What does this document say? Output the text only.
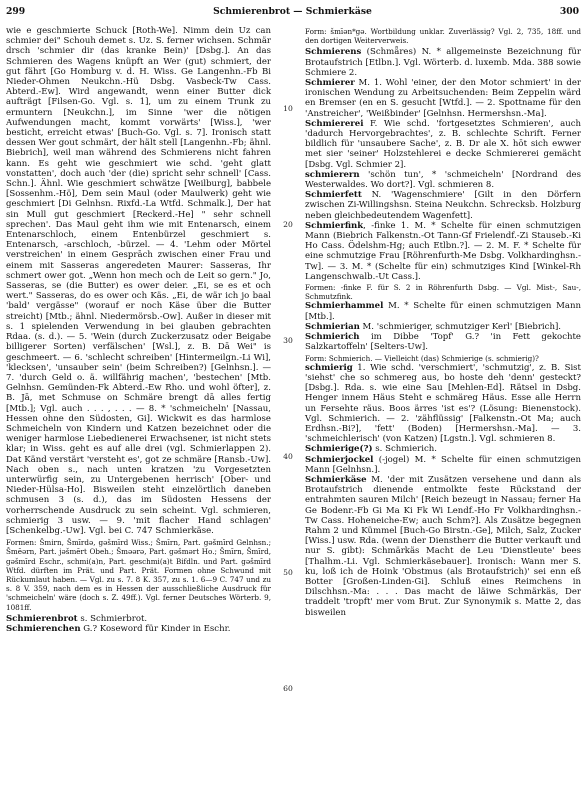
299	Schmierenbrot — Schmierkäse	300

wie e geschmierte Schuck [Roth-We]. Nimm dein Uz can schmier dei" Schouh demet s. Uz. S. ferner wichsen. Schmär drsch 'schmier dir (das kranke Bein)' [Dsbg.]. An das Schmieren des Wagens knüpft an Wer (gut) schmiert, der gut fährt [Go Homburg v. d. H. Wiss. Ge Langenhn.-Fb Bi Nieder-Ohmen Neukchn.-Hü Dsbg. Vasbeck-Tw Cass. Abterd.-Ew]. Wird angewandt, wenn einer Butter dick aufträgt [Filsen-Go. Vgl. s. 1], um zu einem Trunk zu ermuntern [Neukchn.], im Sinne 'wer die nötigen Aufwendungen macht, kommt vorwärts' [Wiss.], 'wer besticht, erreicht etwas' [Buch-Go. Vgl. s. 7]. Ironisch statt dessen Wer gout schmärt, der hält stell [Langenhn.-Fb; ähnl. Biebrich], weil man während des Schmierens nicht fahren kann. Es geht wie geschmiert wie schd. 'geht glatt vonstatten', doch auch 'der (die) spricht sehr schnell' [Cass. Schn.]. Ähnl. Wie geschmiert schwätze [Weilburg], babbele [Sossenhm.-Hö], Dem sein Maul (oder Maulwerk) geht wie geschmiert [Di Gelnhsn. Rixfd.-La Wtfd. Schmalk.], Der hat sin Mull gut geschmiert [Reckerd.-He] " sehr schnell sprechen'. Das Maul geht ihm wie mit Entenarsch, einem Entenarschloch, einem Entenbürzel geschmiert s. Entenarsch, -arschloch, -bürzel. — 4. 'Lehm oder Mörtel verstreichen' in einem Gesprāch zwischen einer Frau und einem mit Sasseras angeredeten Maurer: Sasseras, Ihr schmert ower got. „Wenn hon mech och de Leit so gern." Jo, Sasseras, se (die Butter) es ower deier. „Ei, se es et och wert." Sasseras, do es ower och Käs. „Ei, de wär ich jo baal 'bald' vergässe" (worauf er noch Käse über die Butter streicht) [Mtb.; ähnl. Niedermörsb.-Ow]. Außer in dieser mit s. 1 spielenden Verwendung in bei glauben gebrachten Rdaa. (s. d.). — 5. 'Wein (durch Zuckerzusatz oder Beigabe billigerer Sorten) verfälschen' [Wsl.], z. B. Dā Wei" is geschmeert. — 6. 'schlecht schreiben' [Hintermeilgn.-Li Wi], 'klecksen', 'unsauber sein' (beim Schreiben?) [Gelnhsn.]. — 7. 'durch Geld o. ä. willfährig machen', 'bestechen' [Mtb. Gelnhsn. Gemünden-Fk Abterd.-Ew Rho. und wohl öfter], z. B. Jā, met Schmuse on Schmäre brengt dā alles fertig [Mtb.]; Vgl. auch . . . , . . . — 8. * 'schmeicheln' [Nassau, Hessen ohne den Südosten, Gi]. Wickwit es das harmlose Schmeicheln von Kindern und Katzen bezeichnet oder die weniger harmlose Liebedienerei Erwachsener, ist nicht stets klar; in Wiss. geht es auf alle drei (vgl. Schmierlappen 2). Dat Känd verstärt 'versteht es', got ze schmäre [Ransb.-Uw]. Nach oben s., nach unten kratzen 'zu Vorgesetzten unterwürfig sein, zu Untergebenen herrisch' [Ober- und Nieder-Hülsa-Ho]. Bisweilen steht einzelörtlich daneben schmusen 3 (s. d.), das im Südosten Hessens der vorherrschende Ausdruck zu sein scheint. Vgl. schmieren, schmierig 3 usw. — 9. 'mit flacher Hand schlagen' [Schenkelbg.-Uw]. Vgl. bei C. 747 Schmierkäse.

Formen: Šmirn, Šmīrdə, gəšmīrd Wiss.; Šmīrn, Part. gəšmīrd Gelnhsn.; Šmēǝrn, Part. jəšmērt Obeh.; Šmǝǝrə, Part. gəšmǝrt Ho.; Šmīrn, Šmīrd, gəšmīrd Eschr., schmi(a)n, Part. geschmi(a)t Bifdln. und Part. gəšmīrd Wtfd. dürften im Prät. und Part. Prät. Formen ohne Schwund mit Rückumlaut haben. — Vgl. zu s. 7. 8 K. 357, zu s. 1. 6—9 C. 747 und zu s. 8 V. 359, nach dem es in Hessen der ausschließliche Ausdruck für 'schmeicheln' wäre (doch s. Z. 49ff.). Vgl. ferner Deutsches Wörterb. 9, 1081ff.

Schmierenbrot s. Schmierbrot.

Schmierenchen G.? Koseword für Kinder in Eschr.

10
20
30
40
50
60

Form: šmīǝn*gə. Wortbildung unklar. Zuverlässig? Vgl. 2, 735, 18ff. und den dortigen Weiterverweis.

Schmierens (Schmǟres) N. * allgemeinste Bezeichnung für Brotaufstrich [Etlbn.]. Vgl. Wörterb. d. luxemb. Mda. 388 sowie Schmiere 2.

Schmierer M. 1. Wohl 'einer, der den Motor schmiert' in der ironischen Wendung zu Arbeitsuchenden: Beim Zeppelin wärd en Bremser (en en S. gesucht [Wtfd.]. — 2. Spottname für den 'Anstreicher', 'Weißbinder' [Gelnhsn. Hermershsn.-Ma].

Schmiererei F. Wie schd. 'fortgesetztes Schmieren', auch 'dadurch Hervorgebrachtes', z. B. schlechte Schrift. Ferner bildlich für 'unsaubere Sache', z. B. Dr ale X. hōt sich ewwer met sier 'seiner' Holzstehlerei e decke Schmiererei gemächt [Dsbg. Vgl. Schmier 2].

schmierern 'schön tun', * 'schmeicheln' [Nordrand des Westerwaldes. Wo dort?]. Vgl. schmieren 8.

Schmierfett N. 'Wagenschmiere' [Gilt in den Dörfern zwischen Zi-Willingshsn. Steina Neukchn. Schrecksb. Holzburg neben gleichbedeutendem Wagenfett].

Schmierfink, -finke 1. M. * Schelte für einen schmutzigen Mann (Biebrich Falkenstn.-Ot Tann-Gf Frielendf.-Zi Stauseb.-Ki Ho Cass. Ödelshm-Hg; auch Etlbn.?]. — 2. M. F. * Schelte für eine schmutzige Frau [Röhrenfurth-Me Dsbg. Volkhardinghsn.-Tw]. — 3. M. * (Schelte für ein) schmutziges Kind [Winkel-Rh Langenschwalb.-Ut Cass.].

Formen: -finke F. für S. 2 in Röhrenfurth Dsbg. — Vgl. Mist-, Sau-, Schmutzfink.

Schmierhammel M. * Schelte für einen schmutzigen Mann [Mtb.].

Schmierian M. 'schmieriger, schmutziger Kerl' [Biebrich].

Schmierich im Dibbe 'Topf' G.? 'in Fett gekochte Salzkartoffeln' [Selters-Uw].

Form: Schmierich. — Vielleicht (das) Schmierige (s. schmierig)?

schmierig 1. Wie schd. 'verschmiert', 'schmutzig', z. B. Sist 'siehst' che so schmereg aus, bo hoste deh 'denn' gesteckt? [Dsbg.]. Rda. s. wie eine Sau [Mehlen-Ed]. Rätsel in Dsbg. Henger innem Häus Steht e schmäreg Häus. Esse alle Herrn un Fersehte räus. Boos ärres 'ist es'? (Lösung: Bienenstock). Vgl. Schmierich. — 2. 'zähflüssig' [Falkenstn.-Ot Ma; auch Erdhsn.-Bi?], 'fett' (Boden) [Hermershsn.-Ma]. — 3. 'schmeichlerisch' (von Katzen) [Lgstn.]. Vgl. schmieren 8.

Schmierige(?) s. Schmierich.

Schmierjockel (-jogel) M. * Schelte für einen schmutzigen Mann [Gelnhsn.].

Schmierkäse M. 'der mit Zusätzen versehene und dann als Brotaufstrich dienende entmolkte feste Rückstand der entrahmten sauren Milch' [Reich bezeugt in Nassau; ferner Ha Ge Bodenr.-Fb Gi Ma Ki Fk Wi Lendf.-Ho Fr Volkhardinghsn.-Tw Cass. Hoheneiche-Ew; auch Schm?]. Als Zusätze begegnen Rahm 2 und Kümmel [Buch-Go Birstn.-Ge], Milch, Salz, Zucker [Wiss.] usw. Rda. (wenn der Dienstherr die Butter verkauft und nur S. gibt): Schmärkäs Macht de Leu 'Dienstleute' bees [Thalhm.-Li. Vgl. Schmierkäsebauer]. Ironisch: Wann mer S. ku, loß ich de Hoink 'Obstmus (als Brotaufstrich)' sei enn eß Botter [Großen-Linden-Gi]. Schluß eines Reimchens in Dilschhsn.-Ma: . . . Das macht de läiwe Schmärkäs, Der traddelt 'tropft' mer vom Brut. Zur Synonymik s. Matte 2, das bisweilen
